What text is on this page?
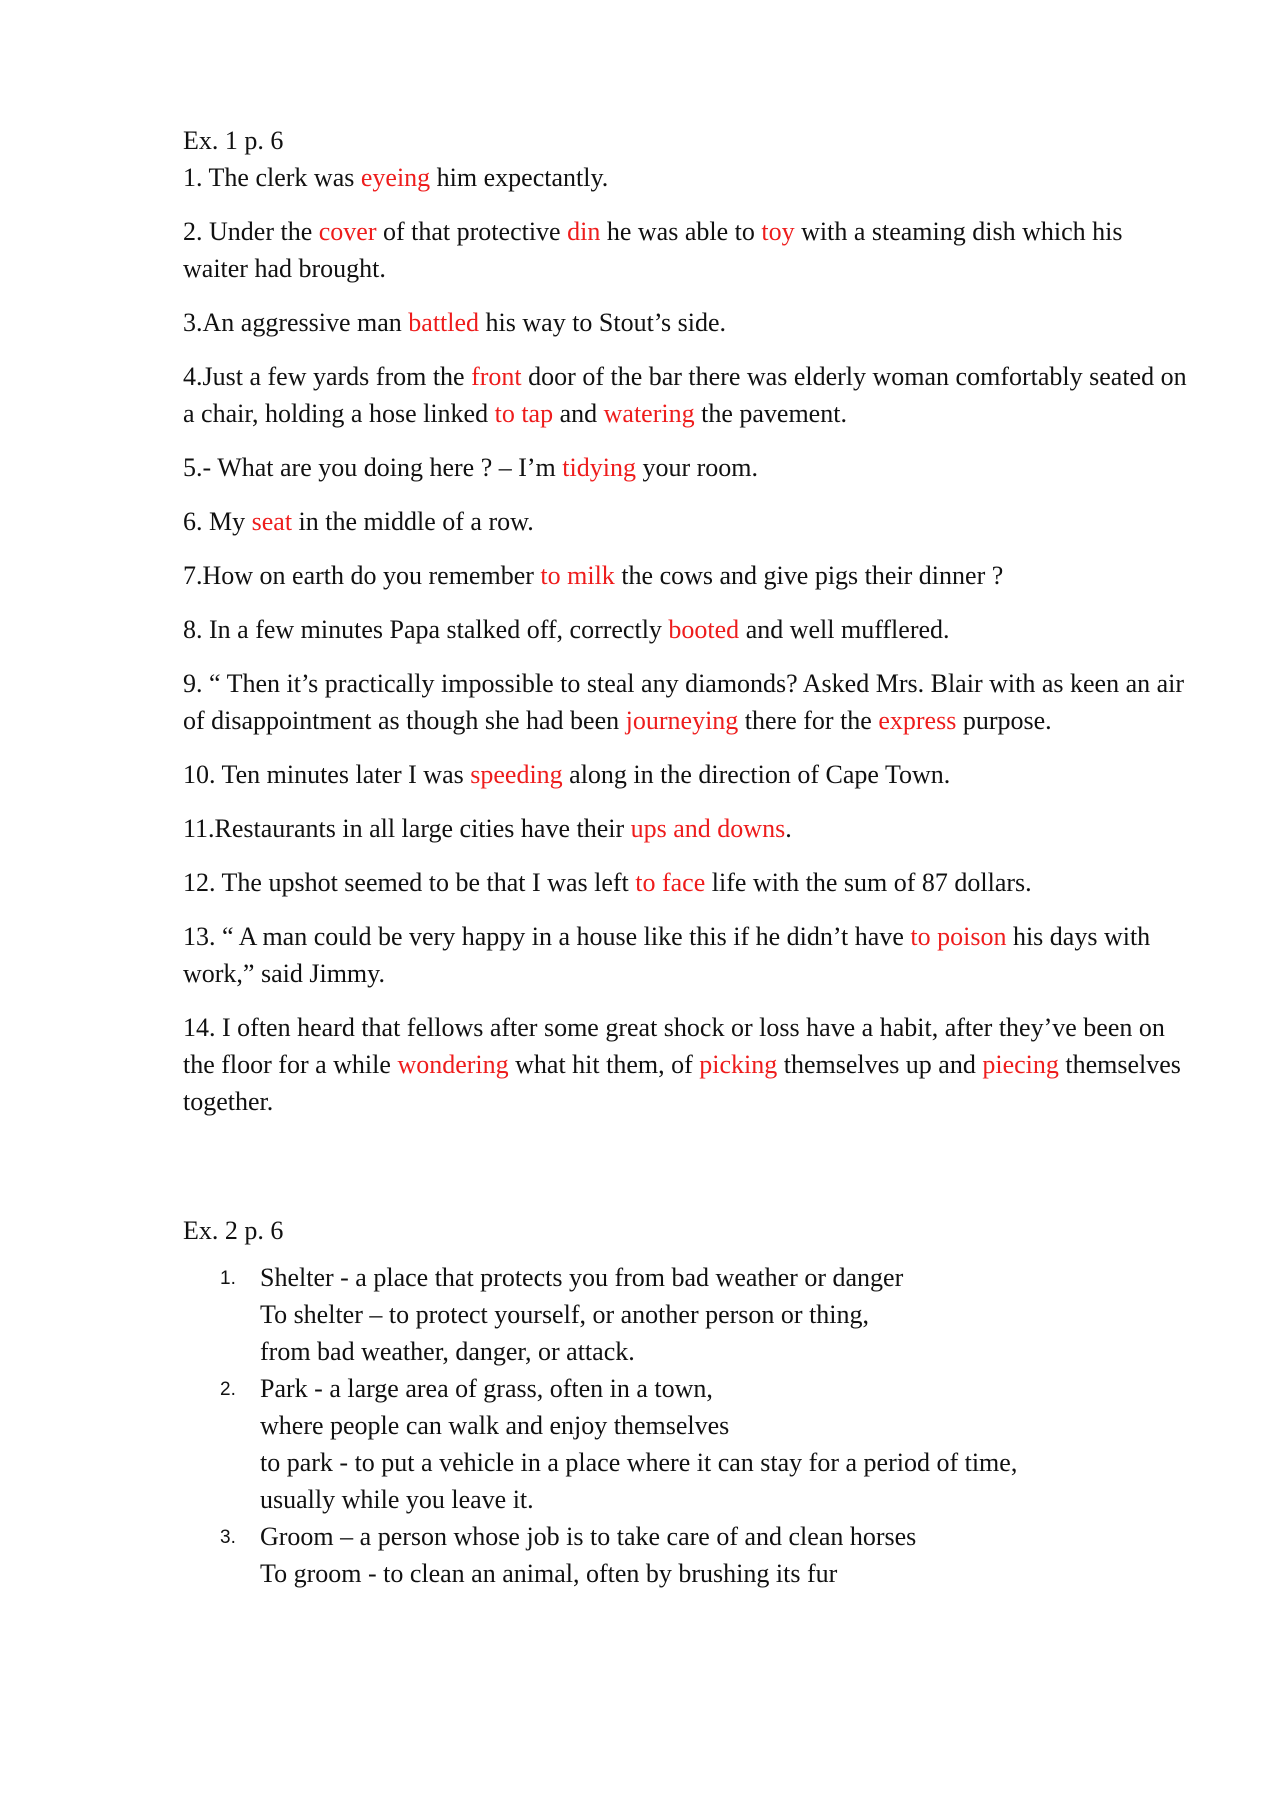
Ex. 1 p. 6

1. The clerk was eyeing him expectantly.

2. Under the cover of that protective din he was able to toy with a steaming dish which his waiter had brought.

3.An aggressive man battled his way to Stout’s side.

4.Just a few yards from the front door of the bar there was elderly woman comfortably seated on a chair, holding a hose linked to tap and watering the pavement.

5.- What are you doing here ? – I’m tidying your room.

6. My seat in the middle of a row.

7.How on earth do you remember to milk the cows and give pigs their dinner ?

8. In a few minutes Papa stalked off, correctly booted and well mufflered.

9. “ Then it’s practically impossible to steal any diamonds? Asked Mrs. Blair with as keen an air of disappointment as though she had been journeying there for the express purpose.

10. Ten minutes later I was speeding along in the direction of Cape Town.

11.Restaurants in all large cities have their ups and downs.

12. The upshot seemed to be that I was left to face life with the sum of 87 dollars.

13. “ A man could be very happy in a house like this if he didn’t have to poison his days with work,” said Jimmy.

14. I often heard that fellows after some great shock or loss have a habit, after they’ve been on the floor for a while wondering what hit them, of picking themselves up and piecing themselves together.

Ex. 2 p. 6

1. Shelter - a place that protects you from bad weather or danger
To shelter – to protect yourself, or another person or thing,
from bad weather, danger, or attack.
2. Park - a large area of grass, often in a town,
where people can walk and enjoy themselves
to park - to put a vehicle in a place where it can stay for a period of time,
usually while you leave it.
3. Groom – a person whose job is to take care of and clean horses
To groom - to clean an animal, often by brushing its fur
